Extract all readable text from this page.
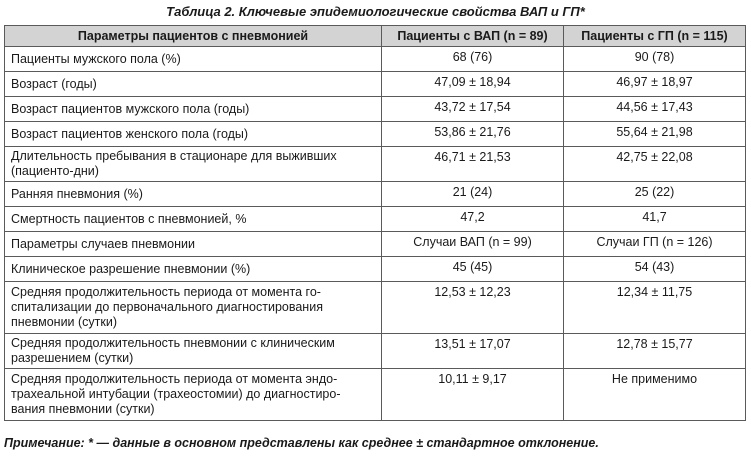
Таблица 2. Ключевые эпидемиологические свойства ВАП и ГП*
Параметры пациентов с пневмонией	Пациенты с ВАП (n = 89)	Пациенты с ГП (n = 115)
Пациенты мужского пола (%)	68 (76)	90 (78)
Возраст (годы)	47,09 ± 18,94	46,97 ± 18,97
Возраст пациентов мужского пола (годы)	43,72 ± 17,54	44,56 ± 17,43
Возраст пациентов женского пола (годы)	53,86 ± 21,76	55,64 ± 21,98
Длительность пребывания в стационаре для выживших (пациенто-дни)	46,71 ± 21,53	42,75 ± 22,08
Ранняя пневмония (%)	21 (24)	25 (22)
Смертность пациентов с пневмонией, %	47,2	41,7
Параметры случаев пневмонии	Случаи ВАП (n = 99)	Случаи ГП (n = 126)
Клиническое разрешение пневмонии (%)	45 (45)	54 (43)
Средняя продолжительность периода от момента го-
спитализации до первоначального диагностирования
пневмонии (сутки)	12,53 ± 12,23	12,34 ± 11,75
Средняя продолжительность пневмонии с клиническим
разрешением (сутки)	13,51 ± 17,07	12,78 ± 15,77
Средняя продолжительность периода от момента эндо-
трахеальной интубации (трахеостомии) до диагностиро-
вания пневмонии (сутки)	10,11 ± 9,17	Не применимо
Примечание: * — данные в основном представлены как среднее ± стандартное отклонение.
